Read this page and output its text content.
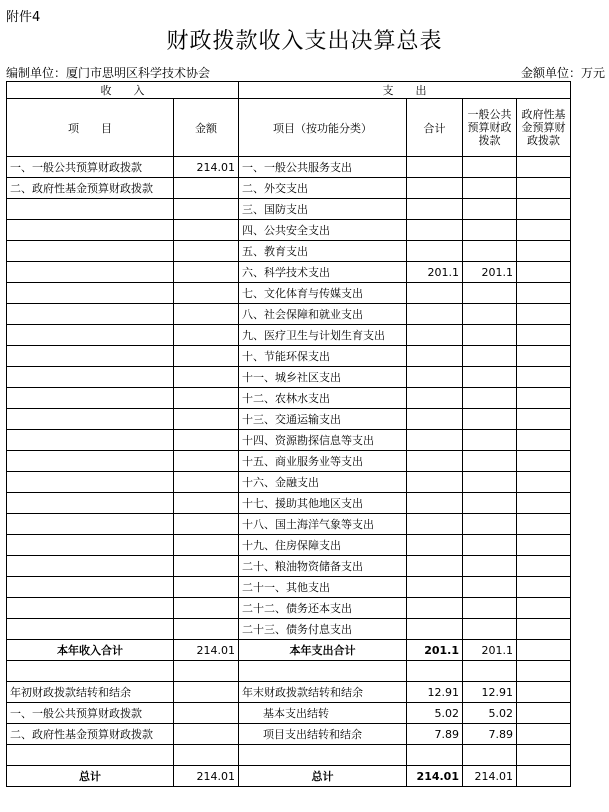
附件4
财政拨款收入支出决算总表
编制单位：厦门市思明区科学技术协会	金额单位：万元
收　　入		支　　出			
项　　目	金额	项目（按功能分类）	合计	一般公共预算财政拨款	政府性基金预算财政拨款
一、一般公共预算财政拨款	214.01	一、一般公共服务支出			
二、政府性基金预算财政拨款		二、外交支出			
		三、国防支出			
		四、公共安全支出			
		五、教育支出			
		六、科学技术支出	201.1	201.1	
		七、文化体育与传媒支出			
		八、社会保障和就业支出			
		九、医疗卫生与计划生育支出			
		十、节能环保支出			
		十一、城乡社区支出			
		十二、农林水支出			
		十三、交通运输支出			
		十四、资源勘探信息等支出			
		十五、商业服务业等支出			
		十六、金融支出			
		十七、援助其他地区支出			
		十八、国土海洋气象等支出			
		十九、住房保障支出			
		二十、粮油物资储备支出			
		二十一、其他支出			
		二十二、债务还本支出			
		二十三、债务付息支出			
本年收入合计	214.01	本年支出合计	201.1	201.1	

年初财政拨款结转和结余		年末财政拨款结转和结余	12.91	12.91	
一、一般公共预算财政拨款		基本支出结转	5.02	5.02	
二、政府性基金预算财政拨款		项目支出结转和结余	7.89	7.89	

总计	214.01	总计	214.01	214.01	
